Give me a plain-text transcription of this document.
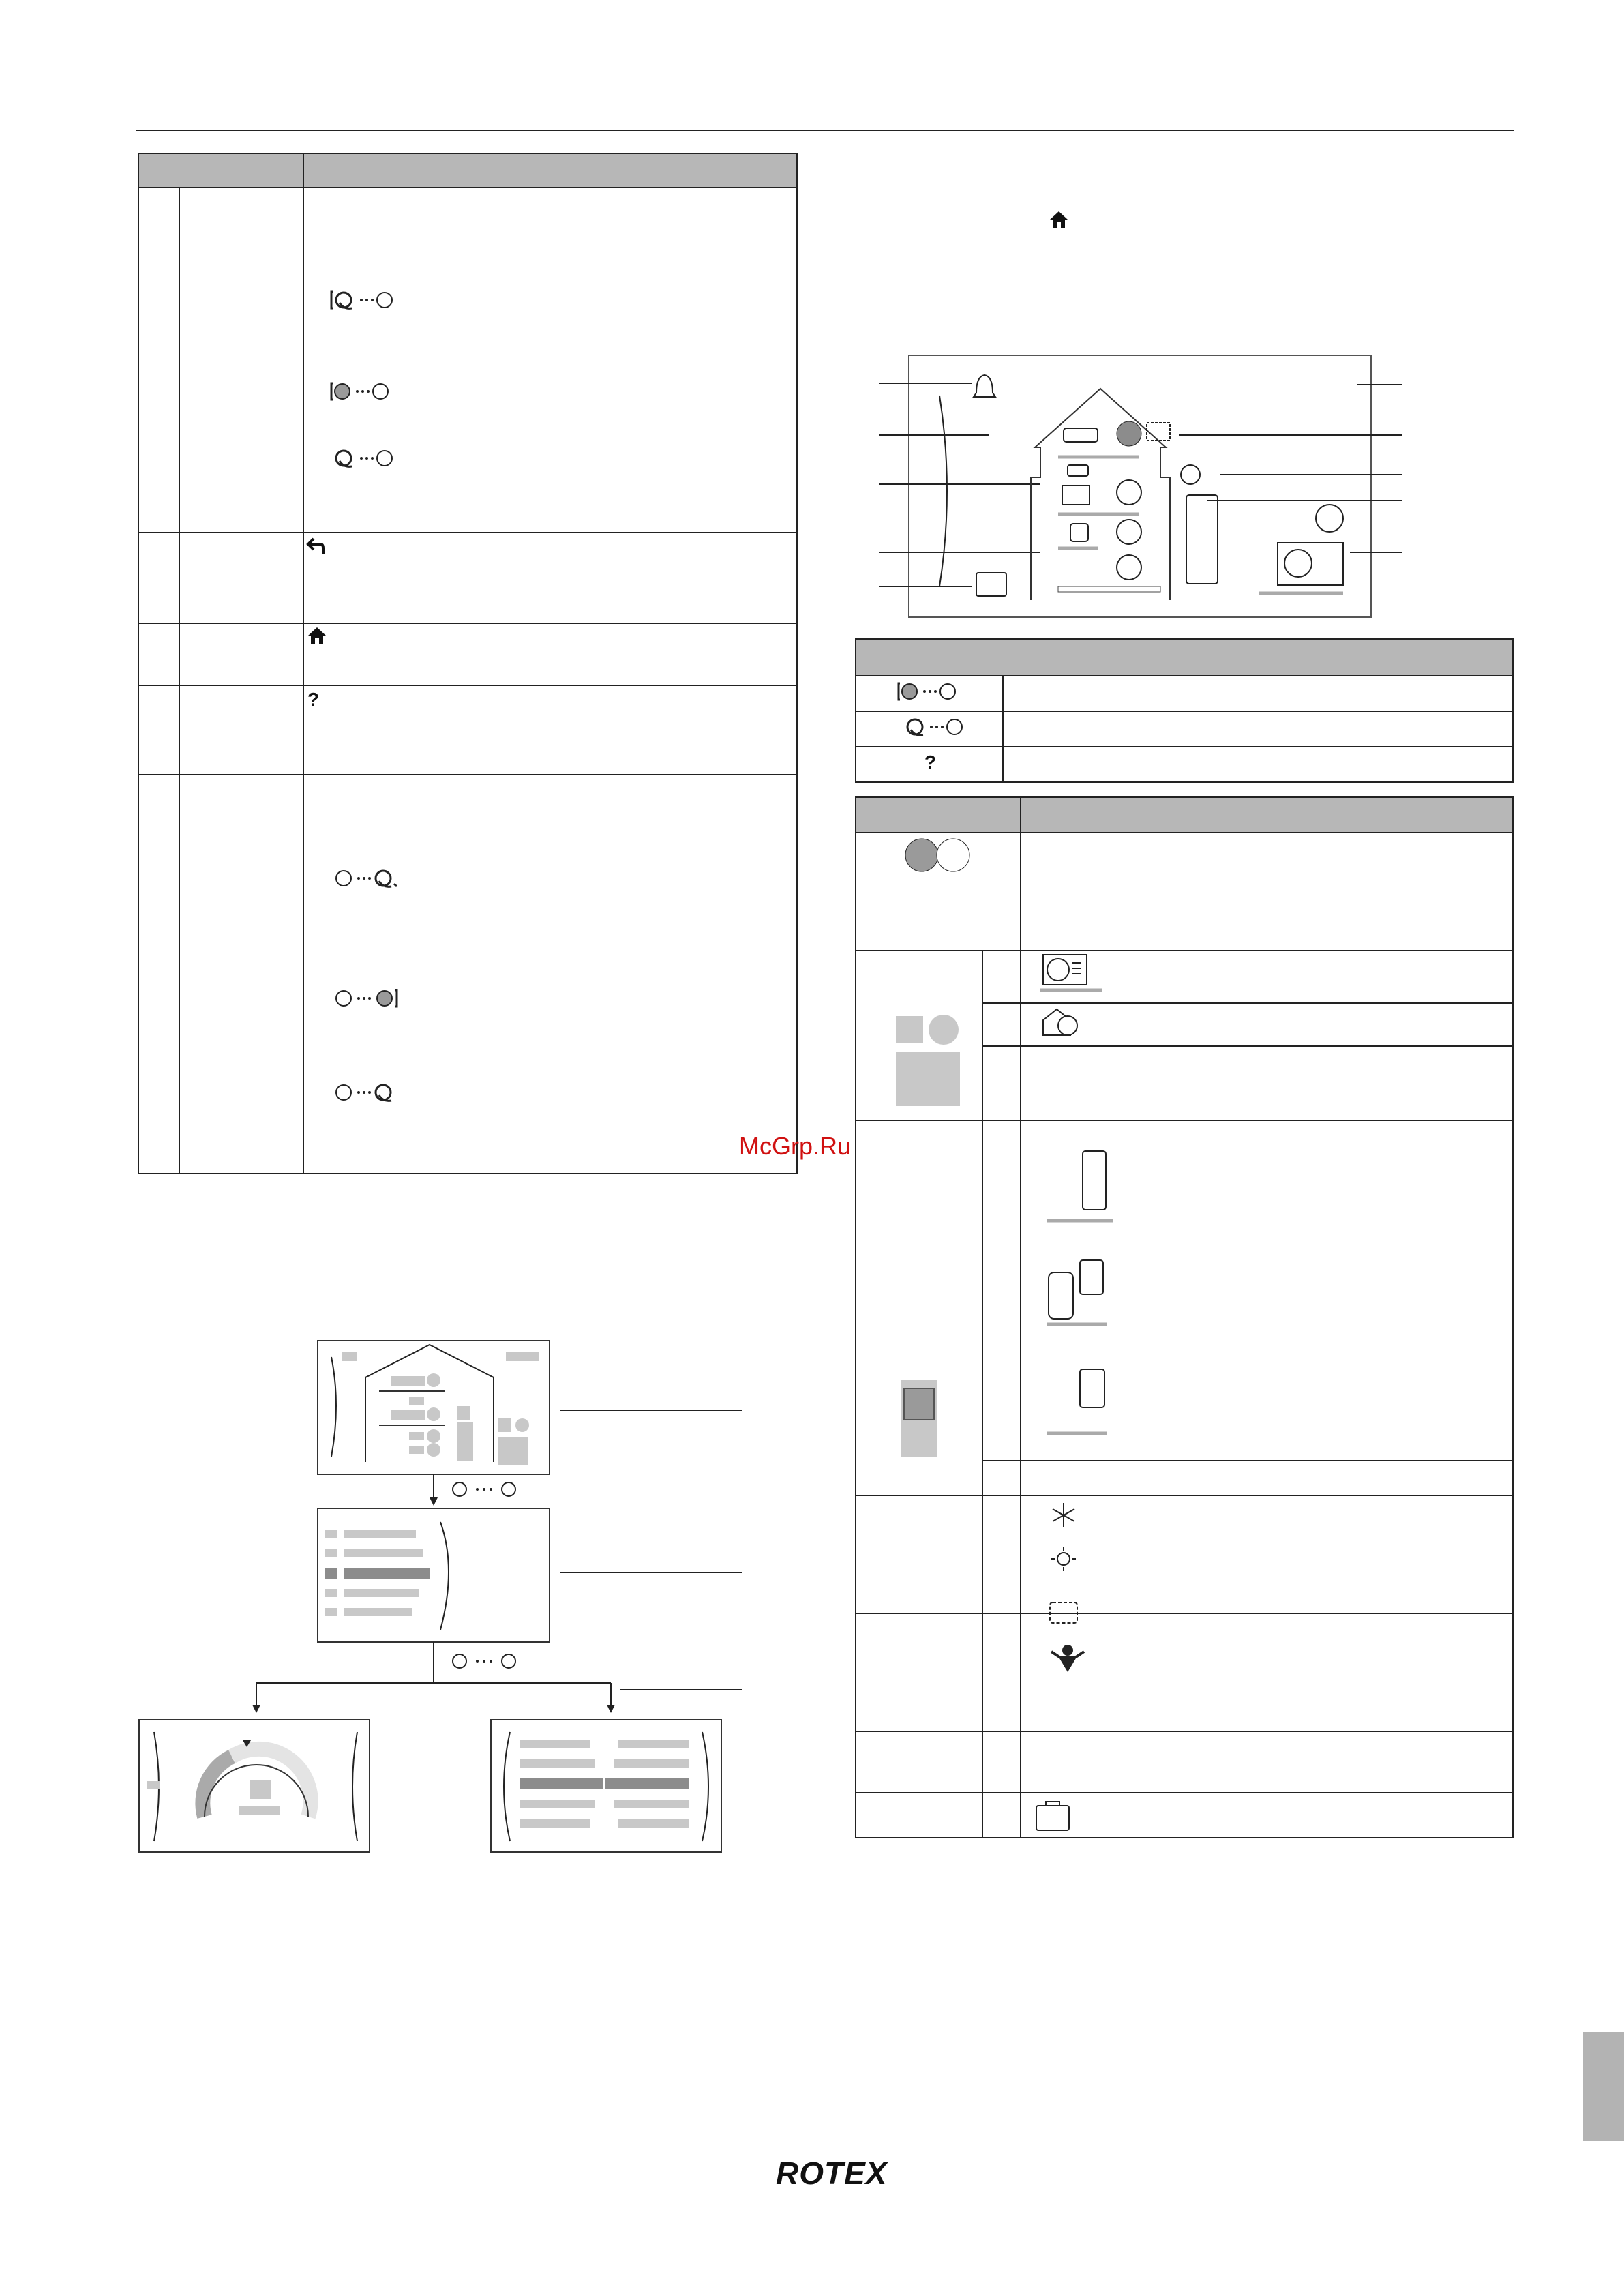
?
?
McGrp.Ru
ROTEX
